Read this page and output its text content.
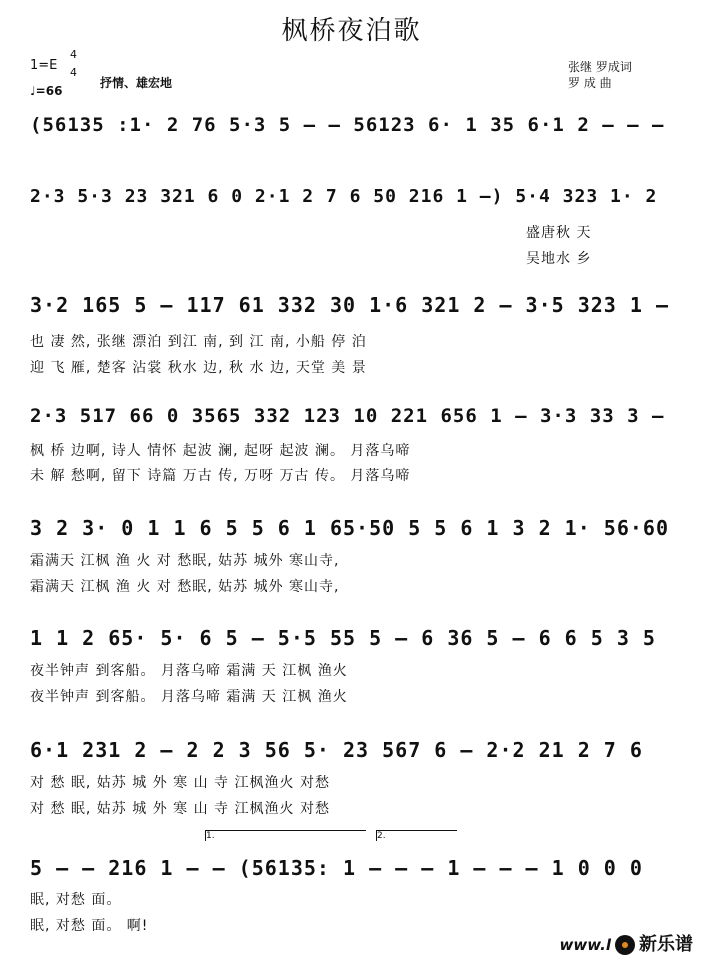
枫桥夜泊歌
1=E
4
4
♩=66
抒情、雄宏地
张继 罗成词
罗 成 曲
(56135 :1· 2 76 5·3 5 — — 56123 6· 1 35 6·1 2 — — —
2·3 5·3 23 321 6 0 2·1 2 7 6 50 216 1 —) 5·4 323 1· 2
盛唐秋 天
吴地水 乡
3·2 165 5 — 117 61 332 30 1·6 321 2 — 3·5 323 1 —
也 凄 然, 张继 漂泊 到江 南, 到 江 南, 小船 停 泊
迎 飞 雁, 楚客 沾裳 秋水 边, 秋 水 边, 天堂 美 景
2·3 517 66 0 3565 332 123 10 221 656 1 — 3·3 33 3 —
枫 桥 边啊, 诗人 情怀 起波 澜, 起呀 起波 澜。 月落乌啼
未 解 愁啊, 留下 诗篇 万古 传, 万呀 万古 传。 月落乌啼
3 2 3· 0 1 1 6 5 5 6 1 65·50 5 5 6 1 3 2 1· 56·60
霜满天 江枫 渔 火 对 愁眠, 姑苏 城外 寒山寺,
霜满天 江枫 渔 火 对 愁眠, 姑苏 城外 寒山寺,
1 1 2 65· 5· 6 5 — 5·5 55 5 — 6 36 5 — 6 6 5 3 5
夜半钟声 到客船。 月落乌啼 霜满 天 江枫 渔火
夜半钟声 到客船。 月落乌啼 霜满 天 江枫 渔火
6·1 231 2 — 2 2 3 56 5· 23 567 6 — 2·2 21 2 7 6
对 愁 眠, 姑苏 城 外 寒 山 寺 江枫渔火 对愁
对 愁 眠, 姑苏 城 外 寒 山 寺 江枫渔火 对愁
1.	2.
5 — — 216 1 — — (56135: 1 — — — 1 — — — 1 0 0 0
眠, 对愁 面。
眠, 对愁 面。 啊!
www.l 新乐谱
